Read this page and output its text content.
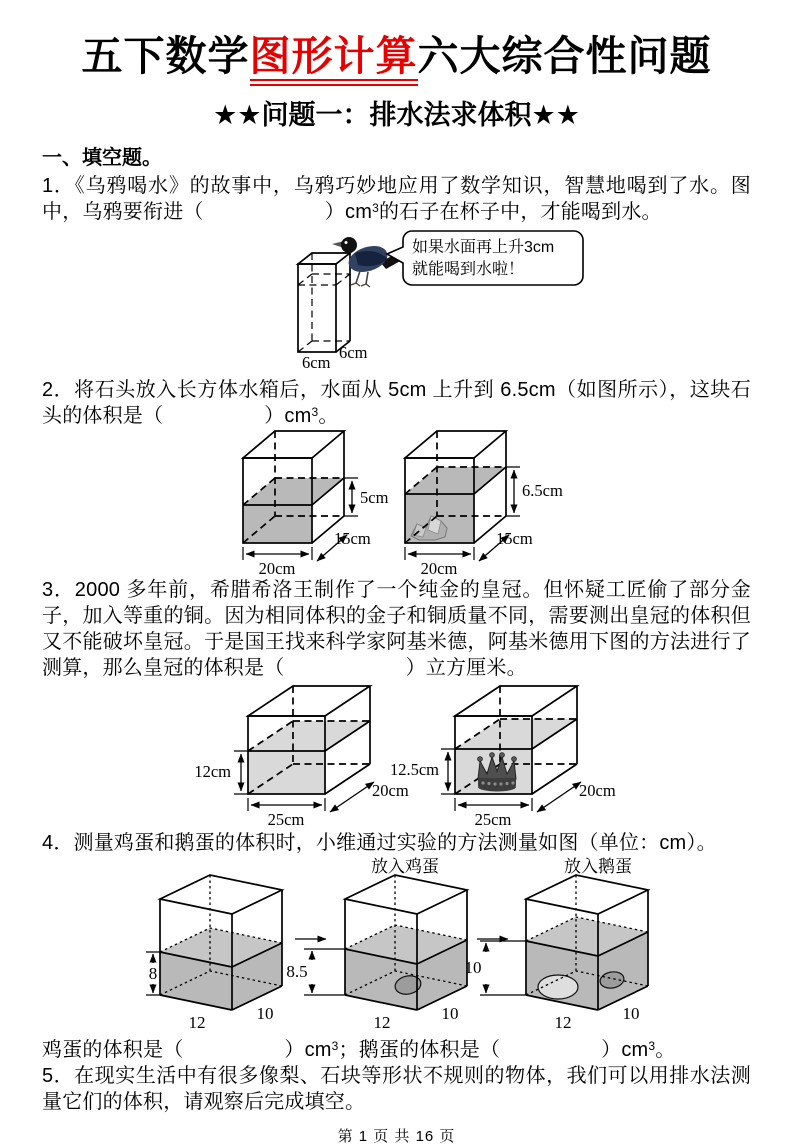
五下数学图形计算六大综合性问题
★★问题一：排水法求体积★★
一、填空题。

1．《乌鸦喝水》的故事中，乌鸦巧妙地应用了数学知识，智慧地喝到了水。图中，乌鸦要衔进（　　　　　　）$cm^3$的石子在杯子中，才能喝到水。

6cm
6cm
如果水面再上升3cm
就能喝到水啦！

2．将石头放入长方体水箱后，水面从 5cm 上升到 6.5cm（如图所示），这块石头的体积是（　　　　　）$cm^3$。

5cm
20cm
15cm
6.5cm
20cm
15cm

3．2000 多年前，希腊希洛王制作了一个纯金的皇冠。但怀疑工匠偷了部分金子，加入等重的铜。因为相同体积的金子和铜质量不同，需要测出皇冠的体积但又不能破坏皇冠。于是国王找来科学家阿基米德，阿基米德用下图的方法进行了测算，那么皇冠的体积是（　　　　　　）立方厘米。

12cm
25cm
20cm
12.5cm
25cm
20cm

4．测量鸡蛋和鹅蛋的体积时，小维通过实验的方法测量如图（单位：cm）。

放入鸡蛋	放入鹅蛋
8
12	10
8.5
12	10
10
12	10

鸡蛋的体积是（　　　　　）$cm^3$；鹅蛋的体积是（　　　　　）$cm^3$。

5．在现实生活中有很多像梨、石块等形状不规则的物体，我们可以用排水法测量它们的体积，请观察后完成填空。

第 1 页 共 16 页
